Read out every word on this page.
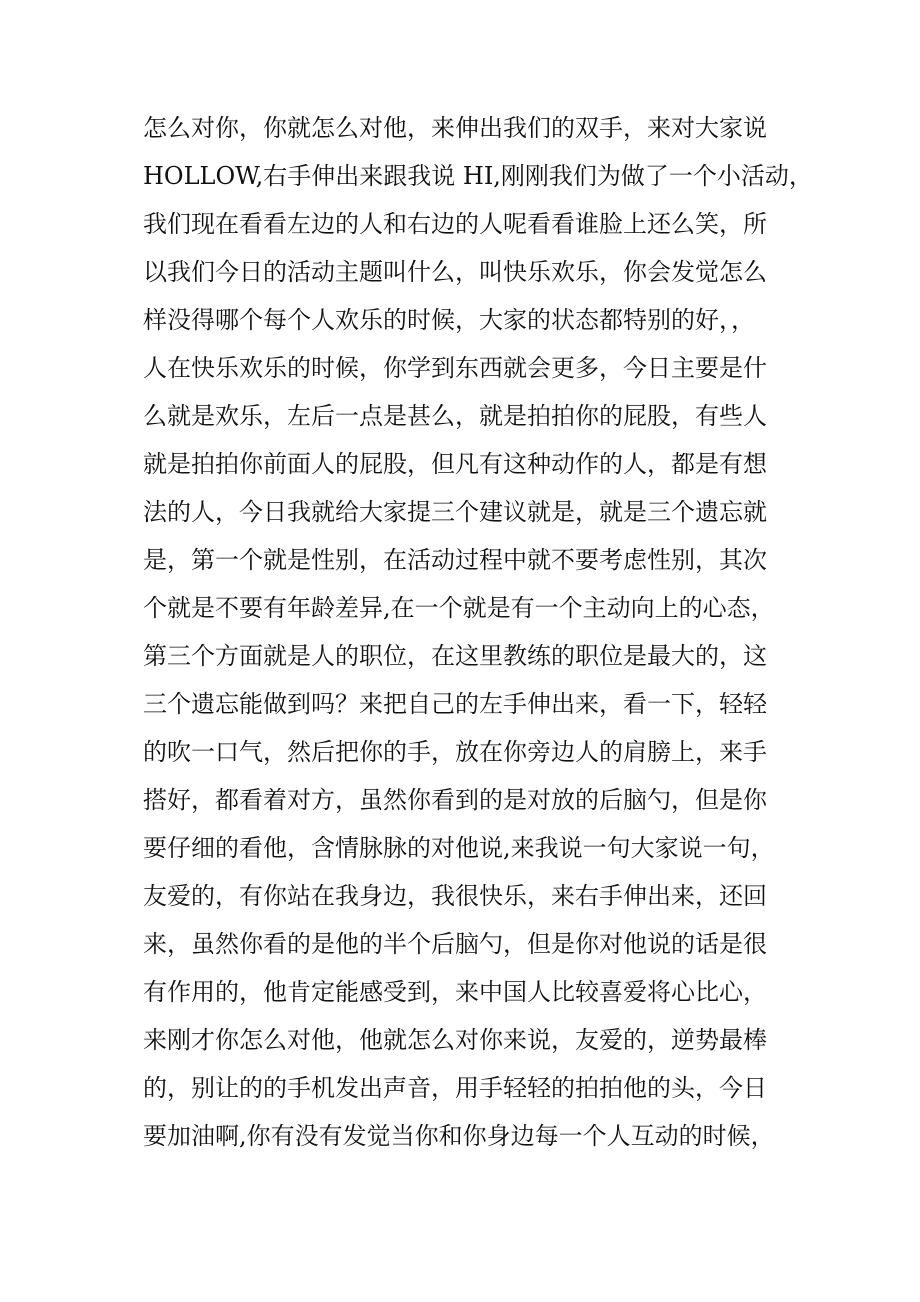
怎么对你，你就怎么对他，来伸出我们的双手，来对大家说
HOLLOW,右手伸出来跟我说 HI,刚刚我们为做了一个小活动，
我们现在看看左边的人和右边的人呢看看谁脸上还么笑，所
以我们今日的活动主题叫什么，叫快乐欢乐，你会发觉怎么
样没得哪个每个人欢乐的时候，大家的状态都特别的好，，
人在快乐欢乐的时候，你学到东西就会更多，今日主要是什
么就是欢乐，左后一点是甚么，就是拍拍你的屁股，有些人
就是拍拍你前面人的屁股，但凡有这种动作的人，都是有想
法的人，今日我就给大家提三个建议就是，就是三个遗忘就
是，第一个就是性别，在活动过程中就不要考虑性别，其次
个就是不要有年龄差异,在一个就是有一个主动向上的心态，
第三个方面就是人的职位，在这里教练的职位是最大的，这
三个遗忘能做到吗？来把自己的左手伸出来，看一下，轻轻
的吹一口气，然后把你的手，放在你旁边人的肩膀上，来手
搭好，都看着对方，虽然你看到的是对放的后脑勺，但是你
要仔细的看他，含情脉脉的对他说,来我说一句大家说一句，
友爱的，有你站在我身边，我很快乐，来右手伸出来，还回
来，虽然你看的是他的半个后脑勺，但是你对他说的话是很
有作用的，他肯定能感受到，来中国人比较喜爱将心比心，
来刚才你怎么对他，他就怎么对你来说，友爱的，逆势最棒
的，别让的的手机发出声音，用手轻轻的拍拍他的头，今日
要加油啊,你有没有发觉当你和你身边每一个人互动的时候，
